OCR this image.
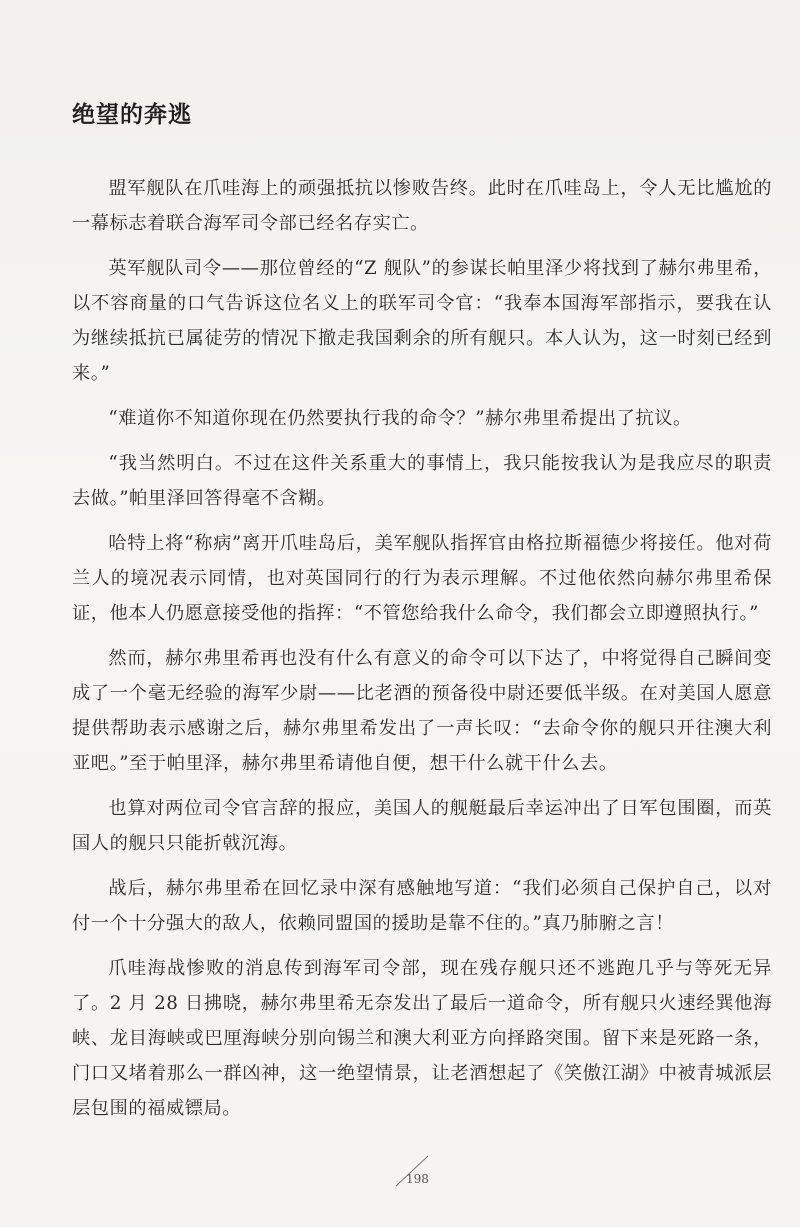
绝望的奔逃

盟军舰队在爪哇海上的顽强抵抗以惨败告终。此时在爪哇岛上，令人无比尴尬的一幕标志着联合海军司令部已经名存实亡。

英军舰队司令——那位曾经的“Z 舰队”的参谋长帕里泽少将找到了赫尔弗里希，以不容商量的口气告诉这位名义上的联军司令官：“我奉本国海军部指示，要我在认为继续抵抗已属徒劳的情况下撤走我国剩余的所有舰只。本人认为，这一时刻已经到来。”

“难道你不知道你现在仍然要执行我的命令？”赫尔弗里希提出了抗议。

“我当然明白。不过在这件关系重大的事情上，我只能按我认为是我应尽的职责去做。”帕里泽回答得毫不含糊。

哈特上将“称病”离开爪哇岛后，美军舰队指挥官由格拉斯福德少将接任。他对荷兰人的境况表示同情，也对英国同行的行为表示理解。不过他依然向赫尔弗里希保证，他本人仍愿意接受他的指挥：“不管您给我什么命令，我们都会立即遵照执行。”

然而，赫尔弗里希再也没有什么有意义的命令可以下达了，中将觉得自己瞬间变成了一个毫无经验的海军少尉——比老酒的预备役中尉还要低半级。在对美国人愿意提供帮助表示感谢之后，赫尔弗里希发出了一声长叹：“去命令你的舰只开往澳大利亚吧。”至于帕里泽，赫尔弗里希请他自便，想干什么就干什么去。

也算对两位司令官言辞的报应，美国人的舰艇最后幸运冲出了日军包围圈，而英国人的舰只只能折戟沉海。

战后，赫尔弗里希在回忆录中深有感触地写道：“我们必须自己保护自己，以对付一个十分强大的敌人，依赖同盟国的援助是靠不住的。”真乃肺腑之言！

爪哇海战惨败的消息传到海军司令部，现在残存舰只还不逃跑几乎与等死无异了。2 月 28 日拂晓，赫尔弗里希无奈发出了最后一道命令，所有舰只火速经巽他海峡、龙目海峡或巴厘海峡分别向锡兰和澳大利亚方向择路突围。留下来是死路一条，门口又堵着那么一群凶神，这一绝望情景，让老酒想起了《笑傲江湖》中被青城派层层包围的福威镖局。

198
